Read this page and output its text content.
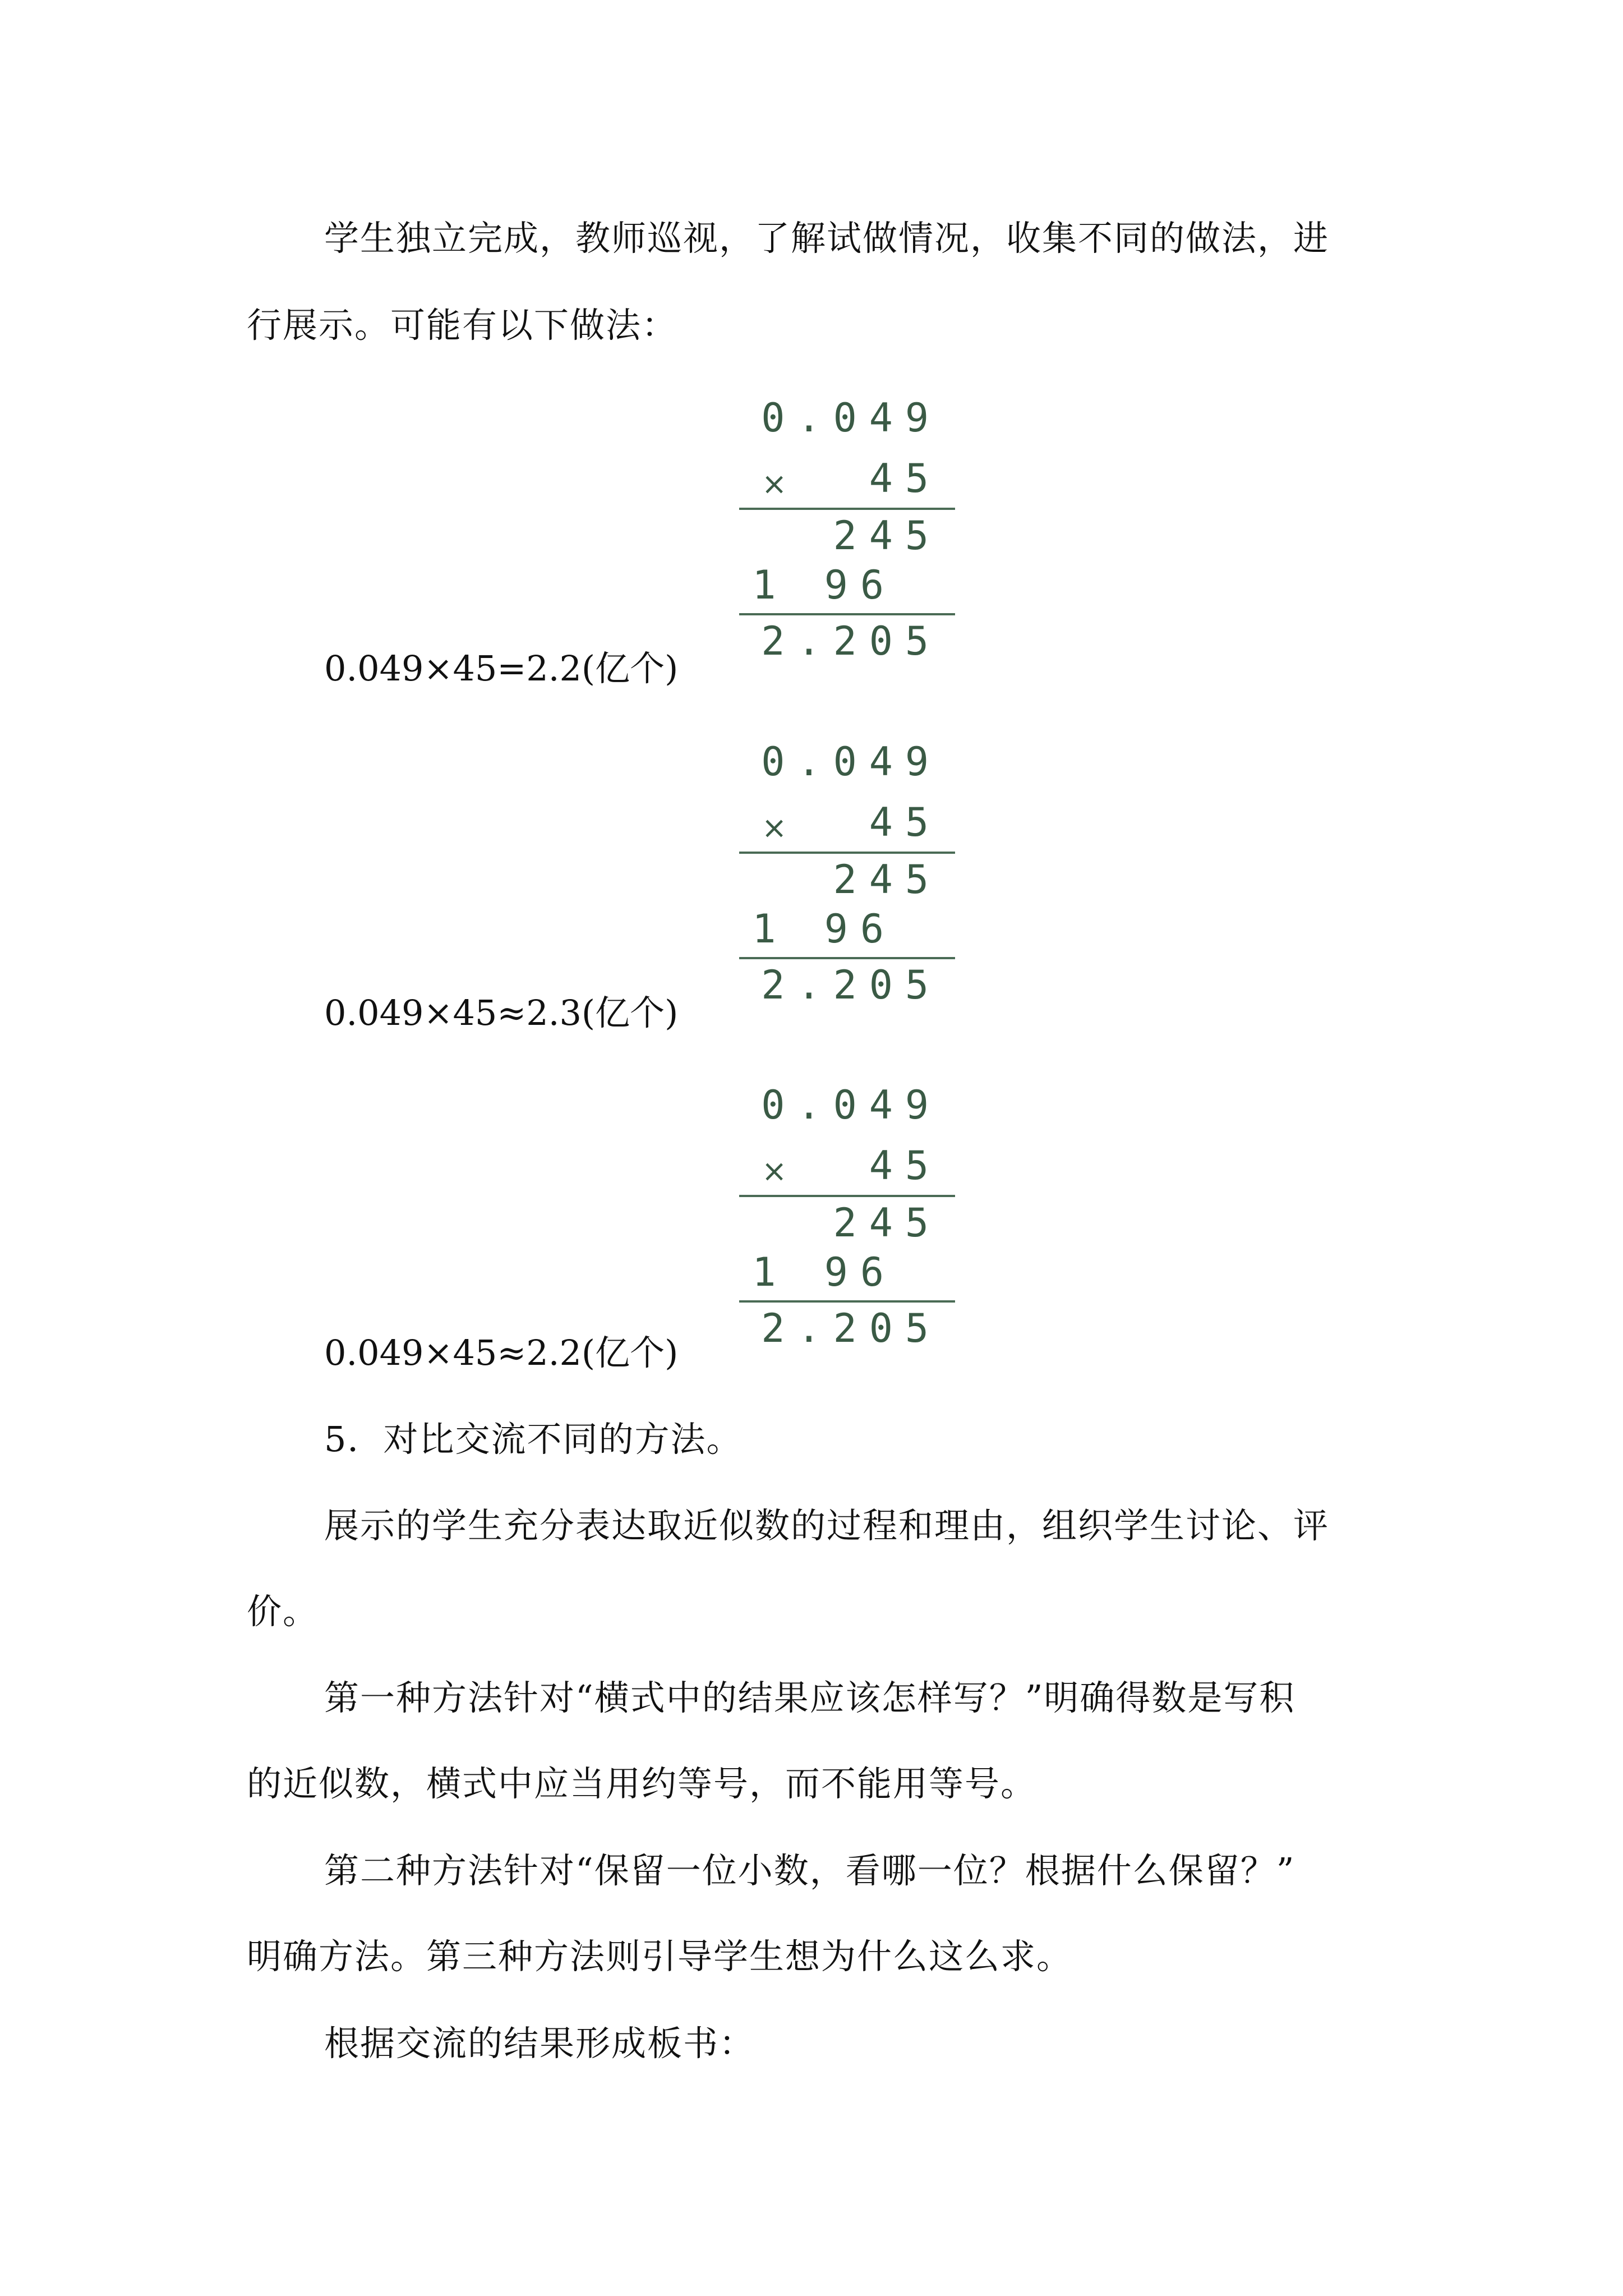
学生独立完成，教师巡视，了解试做情况，收集不同的做法，进
行展示。可能有以下做法：
0.049
× 45
245
1 96
2.205
0.049×45=2.2(亿个)
0.049
× 45
245
1 96
2.205
0.049×45≈2.3(亿个)
0.049
× 45
245
1 96
2.205
0.049×45≈2.2(亿个)
5．对比交流不同的方法。
展示的学生充分表达取近似数的过程和理由，组织学生讨论、评
价。
第一种方法针对“横式中的结果应该怎样写？”明确得数是写积
的近似数，横式中应当用约等号，而不能用等号。
第二种方法针对“保留一位小数，看哪一位？根据什么保留？”
明确方法。第三种方法则引导学生想为什么这么求。
根据交流的结果形成板书：
